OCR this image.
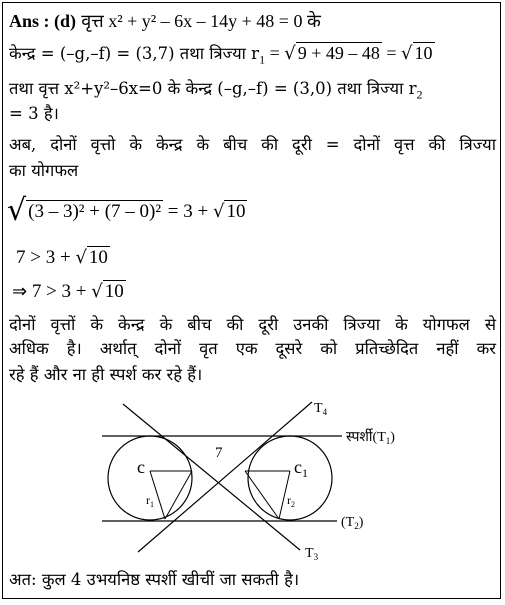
Ans : (d) वृत्त x² + y² – 6x – 14y + 48 = 0 के
केन्द्र = (–g,–f) = (3,7) तथा त्रिज्या $r_1$ = √ 9 + 49 – 48 = √ 10
तथा वृत्त x²+y²–6x=0 के केन्द्र (–g,–f) = (3,0) तथा त्रिज्या $r_2$
= 3 है।
अब, दोनों वृत्तो के केन्द्र के बीच की दूरी = दोनों वृत्त की त्रिज्या
का योगफल
√ (3 – 3)² + (7 – 0)² = 3 + √ 10
7 > 3 + √ 10
⇒ 7 > 3 + √ 10
दोनों वृत्तों के केन्द्र के बीच की दूरी उनकी त्रिज्या के योगफल से
अधिक है। अर्थात् दोनों वृत एक दूसरे को प्रतिच्छेदित नहीं कर
रहे हैं और ना ही स्पर्श कर रहे हैं।
$T_4$
$स्पर्शी(T_1)$
7
c	$c_1$
$r_1$	$r_2$
$(T_2)$
$T_3$
अत: कुल 4 उभयनिष्ठ स्पर्शी खीचीं जा सकती है।
